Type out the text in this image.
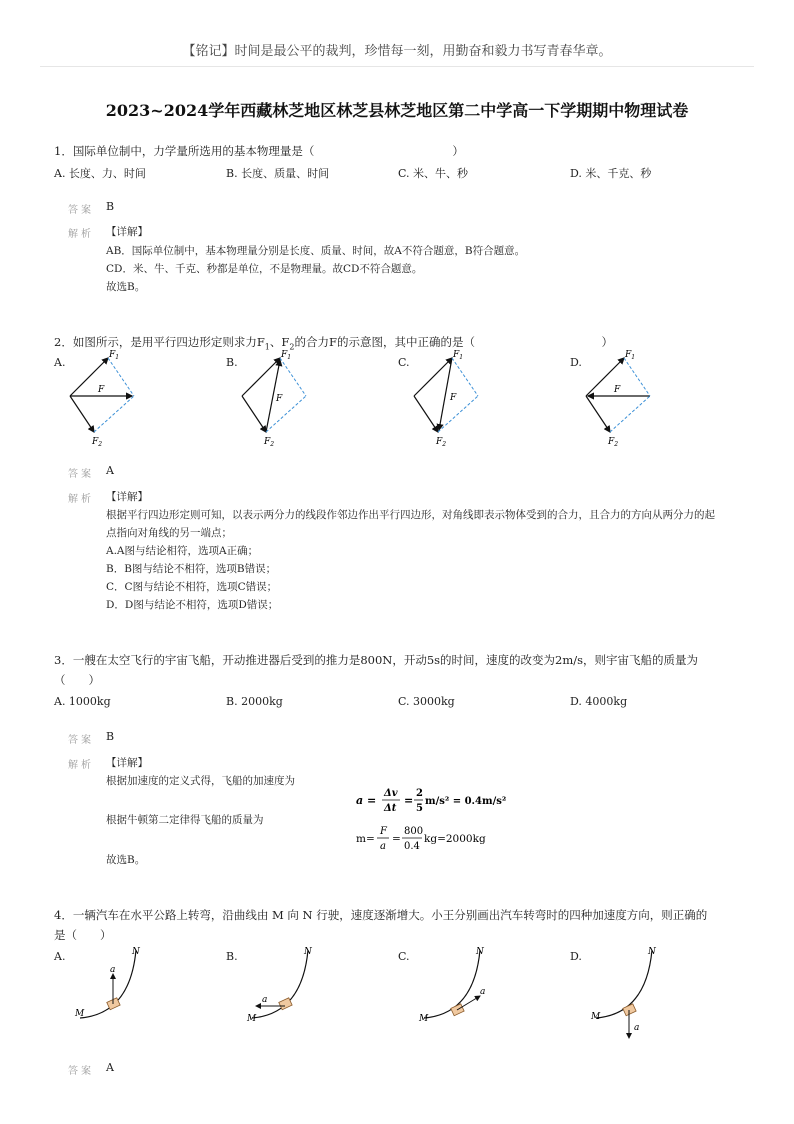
【铭记】时间是最公平的裁判，珍惜每一刻，用勤奋和毅力书写青春华章。
2023~2024学年西藏林芝地区林芝县林芝地区第二中学高一下学期期中物理试卷
1．国际单位制中，力学量所选用的基本物理量是（　　　　　　　　　　　　）
A. 长度、力、时间	B. 长度、质量、时间	C. 米、牛、秒	D. 米、千克、秒
答案 B
解析 【详解】
AB．国际单位制中，基本物理量分别是长度、质量、时间，故A不符合题意，B符合题意。
CD．米、牛、千克、秒都是单位，不是物理量。故CD不符合题意。
故选B。
2．如图所示，是用平行四边形定则求力$F_1$、$F_2$的合力F的示意图，其中正确的是（　　　　　　　　　　　）
A.	B.	C.	D.
$F_1$
$F_2$
F
$F_1$
$F_2$
F
$F_1$
$F_2$
F
$F_1$
$F_2$
F
答案 A
解析 【详解】
根据平行四边形定则可知，以表示两分力的线段作邻边作出平行四边形，对角线即表示物体受到的合力，且合力的方向从两分力的起
点指向对角线的另一端点；
A.A图与结论相符，选项A正确；
B．B图与结论不相符，选项B错误；
C．C图与结论不相符，选项C错误；
D．D图与结论不相符，选项D错误；
3．一艘在太空飞行的宇宙飞船，开动推进器后受到的推力是800N，开动5s的时间，速度的改变为2m/s，则宇宙飞船的质量为
（　　）
A. 1000kg	B. 2000kg	C. 3000kg	D. 4000kg
答案 B
解析 【详解】
根据加速度的定义式得，飞船的加速度为
a =
Δv
Δt
=
2
5
m/s² = 0.4m/s²
根据牛顿第二定律得飞船的质量为
m=
F
a
=
800
0.4
kg=2000kg
故选B。
4．一辆汽车在水平公路上转弯，沿曲线由 M 向 N 行驶，速度逐渐增大。小王分别画出汽车转弯时的四种加速度方向，则正确的
是（　　）
A.	B.	C.	D.
M
N
a
M
N
a
M
N
a
M
N
a
答案 A
